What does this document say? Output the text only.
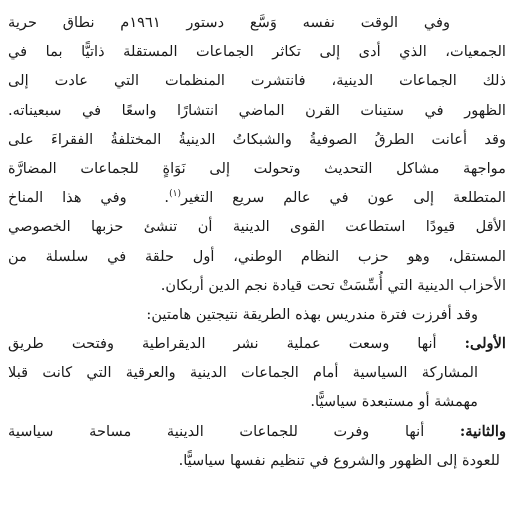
وفي الوقت نفسه وَسَّع دستور ١٩٦١م نطاق حرية
الجمعيات، الذي أدى إلى تكاثر الجماعات المستقلة ذاتيًّا بما في
ذلك الجماعات الدينية، فانتشرت المنظمات التي عادت إلى
الظهور في ستينات القرن الماضي انتشارًا واسعًا في سبعيناته.
وقد أعانت الطرقُ الصوفيةُ والشبكاتُ الدينيةُ المختلفةُ الفقراءَ على
مواجهة مشاكل التحديث وتحولت إلى نَوَاةٍ للجماعات المضارَّة
المتطلعة إلى عون في عالم سريع التغير$^{(١)}$.  وفي هذا المناخ
الأقل قيودًا استطاعت القوى الدينية أن تنشئ حزبها الخصوصي
المستقل، وهو حزب النظام الوطني، أول حلقة في سلسلة من
الأحزاب الدينية التي أُسِّسَتْ تحت قيادة نجم الدين أربكان.
وقد أفرزت فترة مندريس بهذه الطريقة نتيجتين هامتين:
الأولى: أنها وسعت عملية نشر الديقراطية وفتحت طريق
المشاركة السياسية أمام الجماعات الدينية والعرقية التي كانت قبلا
مهمشة أو مستبعدة سياسيًّا.
والثانية: أنها وفرت للجماعات الدينية مساحة سياسية
للعودة إلى الظهور والشروع في تنظيم نفسها سياسيًّا.
